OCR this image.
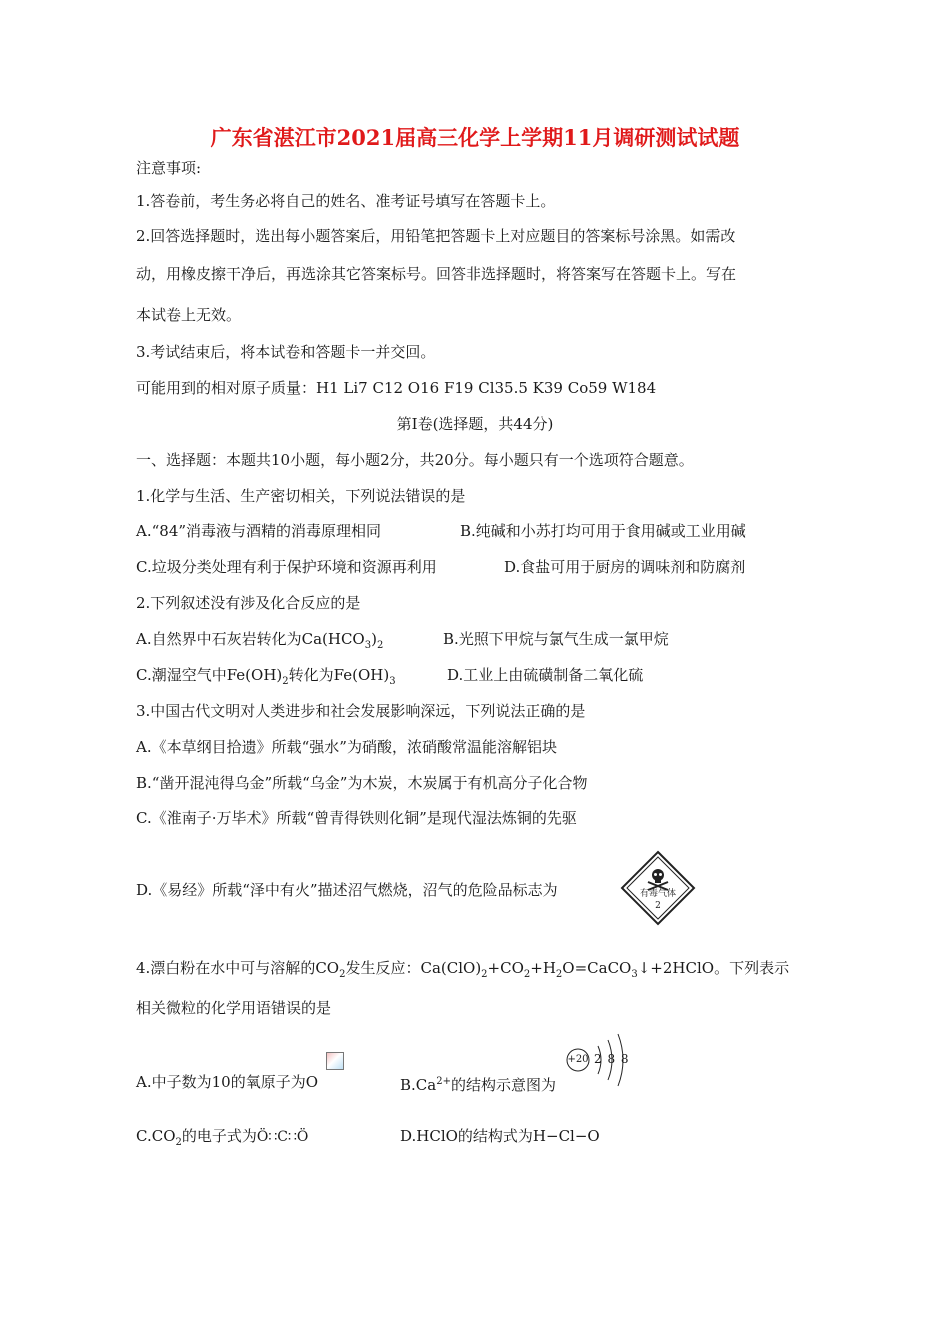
广东省湛江市2021届高三化学上学期11月调研测试试题
注意事项:
1.答卷前，考生务必将自己的姓名、准考证号填写在答题卡上。
2.回答选择题时，选出每小题答案后，用铅笔把答题卡上对应题目的答案标号涂黑。如需改
动，用橡皮擦干净后，再选涂其它答案标号。回答非选择题时，将答案写在答题卡上。写在
本试卷上无效。
3.考试结束后，将本试卷和答题卡一并交回。
可能用到的相对原子质量：H1 Li7 C12 O16 F19 Cl35.5 K39 Co59 W184
第Ⅰ卷(选择题，共44分)
一、选择题：本题共10小题，每小题2分，共20分。每小题只有一个选项符合题意。
1.化学与生活、生产密切相关，下列说法错误的是
A.“84”消毒液与酒精的消毒原理相同	B.纯碱和小苏打均可用于食用碱或工业用碱
C.垃圾分类处理有利于保护环境和资源再利用	D.食盐可用于厨房的调味剂和防腐剂
2.下列叙述没有涉及化合反应的是
A.自然界中石灰岩转化为$Ca(HCO_3)_2$	B.光照下甲烷与氯气生成一氯甲烷
C.潮湿空气中$Fe(OH)_2$转化为$Fe(OH)_3$	D.工业上由硫磺制备二氧化硫
3.中国古代文明对人类进步和社会发展影响深远，下列说法正确的是
A.《本草纲目拾遗》所载“强水”为硝酸，浓硝酸常温能溶解铝块
B.“凿开混沌得乌金”所载“乌金”为木炭，木炭属于有机高分子化合物
C.《淮南子·万毕术》所载“曾青得铁则化铜”是现代湿法炼铜的先驱
D.《易经》所载“泽中有火”描述沼气燃烧，沼气的危险品标志为	有毒气体
2
4.漂白粉在水中可与溶解的$CO_2$发生反应：$Ca(ClO)_2+CO_2+H_2O=CaCO_3↓+2HClO$。下列表示
相关微粒的化学用语错误的是
A.中子数为10的氧原子为O	$B.Ca^{2+}$的结构示意图为
+20 2 8 8
$C.CO_2$的电子式为Ö∷C∷Ö	D.HClO的结构式为H−Cl−O
